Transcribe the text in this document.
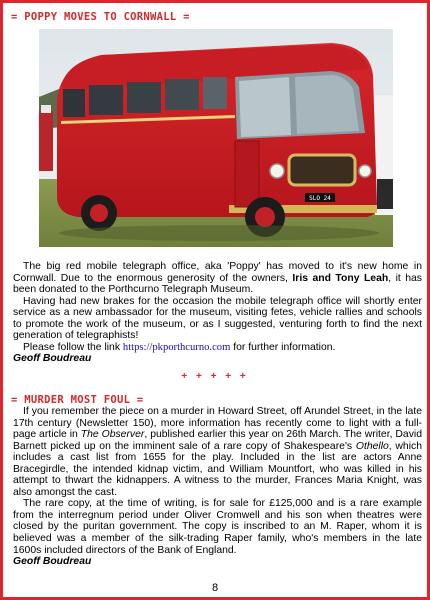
= POPPY MOVES TO CORNWALL =
SLO 24

The big red mobile telegraph office, aka 'Poppy' has moved to it's new home in Cornwall. Due to the enormous generosity of the owners, Iris and Tony Leah, it has been donated to the Porthcurno Telegraph Museum.

Having had new brakes for the occasion the mobile telegraph office will shortly enter service as a new ambassador for the museum, visiting fetes, vehicle rallies and schools to promote the work of the museum, or as I suggested, venturing forth to find the next generation of telegraphists!

Please follow the link https://pkporthcurno.com for further information.

Geoff Boudreau
+ + + + +
= MURDER MOST FOUL =

If you remember the piece on a murder in Howard Street, off Arundel Street, in the late 17th century (Newsletter 150), more information has recently come to light with a full-page article in The Observer, published earlier this year on 26th March. The writer, David Barnett picked up on the imminent sale of a rare copy of Shakespeare's Othello, which includes a cast list from 1655 for the play. Included in the list are actors Anne Bracegirdle, the intended kidnap victim, and William Mountfort, who was killed in his attempt to thwart the kidnappers. A witness to the murder, Frances Maria Knight, was also amongst the cast.

The rare copy, at the time of writing, is for sale for £125,000 and is a rare example from the interregnum period under Oliver Cromwell and his son when theatres were closed by the puritan government. The copy is inscribed to an M. Raper, whom it is believed was a member of the silk-trading Raper family, who's members in the late 1600s included directors of the Bank of England.

Geoff Boudreau
8
